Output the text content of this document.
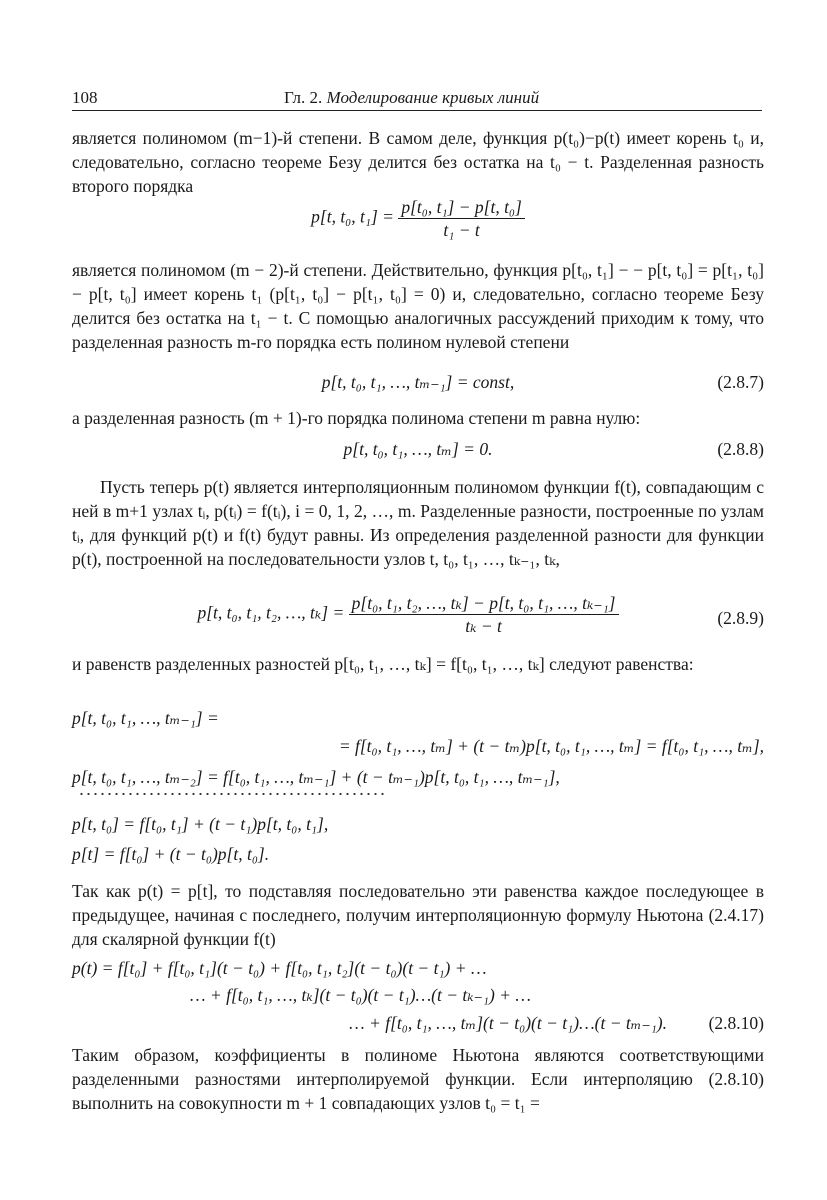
108	Гл. 2. Моделирование кривых линий
является полиномом (m−1)-й степени. В самом деле, функция p(t₀)−p(t) имеет корень t₀ и, следовательно, согласно теореме Безу делится без остатка на t₀ − t. Разделенная разность второго порядка
p[t, t₀, $t_1] = \frac{\text{p[t₀, t₁] − p[t, t₀]}}{\text{t₁ − t}}$
является полиномом (m − 2)-й степени. Действительно, функция p[t₀, t₁] − − p[t, t₀] = p[t₁, t₀] − p[t, t₀] имеет корень t₁ (p[t₁, t₀] − p[t₁, t₀] = 0) и, следовательно, согласно теореме Безу делится без остатка на t₁ − t. С помощью аналогичных рассуждений приходим к тому, что разделенная разность m-го порядка есть полином нулевой степени
p[t, t₀, t₁, …, tₘ₋₁] = const,	(2.8.7)
а разделенная разность (m + 1)-го порядка полинома степени m равна нулю:
p[t, t₀, t₁, …, tₘ] = 0.	(2.8.8)
Пусть теперь p(t) является интерполяционным полиномом функции f(t), совпадающим с ней в m+1 узлах tᵢ, p(tᵢ) = f(tᵢ), i = 0, 1, 2, …, m. Разделенные разности, построенные по узлам tᵢ, для функций p(t) и f(t) будут равны. Из определения разделенной разности для функции p(t), построенной на последовательности узлов t, t₀, t₁, …, tₖ₋₁, tₖ,
p[t, t₀, t₁, t₂, …, $t_k] = \frac{\text{p[t₀, t₁, t₂, …, tₖ] − p[t, t₀, t₁, …, tₖ₋₁]}}{\text{tₖ − t}}$	(2.8.9)
и равенств разделенных разностей p[t₀, t₁, …, tₖ] = f[t₀, t₁, …, tₖ] следуют равенства:
p[t, t₀, t₁, …, tₘ₋₁] =
= f[t₀, t₁, …, tₘ] + (t − tₘ)p[t, t₀, t₁, …, tₘ] = f[t₀, t₁, …, tₘ],
p[t, t₀, t₁, …, tₘ₋₂] = f[t₀, t₁, …, tₘ₋₁] + (t − tₘ₋₁)p[t, t₀, t₁, …, tₘ₋₁],
p[t, t₀] = f[t₀, t₁] + (t − t₁)p[t, t₀, t₁],
p[t] = f[t₀] + (t − t₀)p[t, t₀].
Так как p(t) = p[t], то подставляя последовательно эти равенства каждое последующее в предыдущее, начиная с последнего, получим интерполяционную формулу Ньютона (2.4.17) для скалярной функции f(t)
p(t) = f[t₀] + f[t₀, t₁](t − t₀) + f[t₀, t₁, t₂](t − t₀)(t − t₁) + …
… + f[t₀, t₁, …, tₖ](t − t₀)(t − t₁)…(t − tₖ₋₁) + …
… + f[t₀, t₁, …, tₘ](t − t₀)(t − t₁)…(t − tₘ₋₁). (2.8.10)
Таким образом, коэффициенты в полиноме Ньютона являются соответствующими разделенными разностями интерполируемой функции. Если интерполяцию (2.8.10) выполнить на совокупности m + 1 совпадающих узлов t₀ = t₁ =
